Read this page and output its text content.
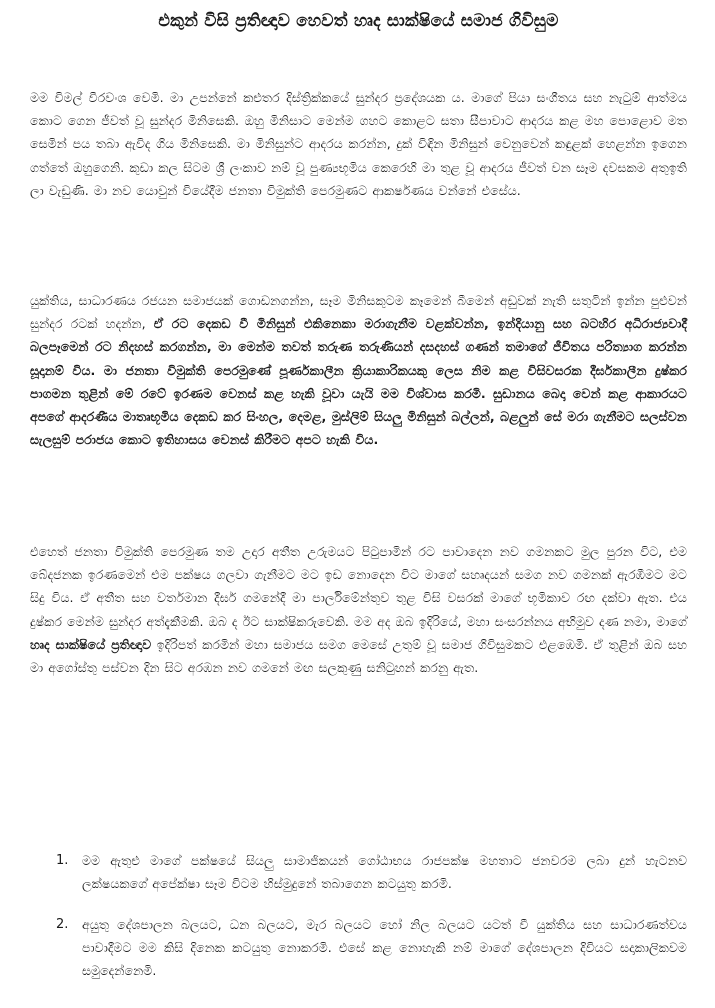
එකුන් විසි ප්‍රතිඥාව හෙවත් හෘද සාක්ෂියේ සමාජ ගිවිසුම

මම විමල් වීරවංශ වෙමි. මා උපන්නේ කළුතර දිස්ත්‍රික්කයේ සුන්දර ප්‍රදේශයක ය. මාගේ පියා සංගීතය සහ නැටුම් ආත්මය කොට ගෙන ජීවත් වූ සුන්දර මිනිසෙකි. ඔහු මිනිසාට මෙන්ම ගහට කොළට සතා සීපාවාට ආදරය කළ මහ පොළොව මත සෙමින් පය තබා ඇවිද ගිය මිනිසෙකි. මා මිනිසුන්ට ආදරය කරන්න, දුක් විඳින මිනිසුන් වෙනුවෙන් කඳුළක් හෙළන්න ඉගෙන ගත්තේ ඔහුගෙනි. කුඩා කල සිටම ශ්‍රී ලංකාව නම් වූ පුණ්‍යභූමිය කෙරෙහි මා තුළ වූ ආදරය ජීවත් වන සෑම දවසකම අතුඉති ලා වැඩුණි. මා නව යොවුන් වියේදීම ජනතා විමුක්ති පෙරමුණට ආකර්ෂණය වන්නේ එසේය.

යුක්තිය, සාධාරණය රජයන සමාජයක් ගොඩනගන්න, සෑම මිනිසකුටම කෑමෙන් බීමෙන් අඩුවක් නැති සතුටින් ඉන්න පුළුවන් සුන්දර රටක් හදන්න, ඒ රට දෙකඩ වී මිනිසුන් එකිනෙකා මරාගැනීම වළක්වන්න, ඉන්දියානු සහ බටහිර අධිරාජ්‍යවාදී බලපෑමෙන් රට නිදහස් කරගන්න, මා මෙන්ම තවත් තරුණ තරුණියන් දසදහස් ගණන් තමාගේ ජීවිතය පරිත්‍යාග කරන්න සූදානම් විය. මා ජනතා විමුක්ති පෙරමුණේ පූර්ණකාලීන ක්‍රියාකාරිකයකු ලෙස නිම කළ විසිවසරක දීර්ඝකාලීන දුෂ්කර පාගමන තුළින් මේ රටේ ඉරණම වෙනස් කළ හැකි වූවා යැයි මම විශ්වාස කරමි. සුඩානය බෙදා වෙන් කළ ආකාරයට අපගේ ආදරණීය මාතෘභූමිය දෙකඩ කර සිංහල, දෙමළ, මුස්ලිම් සියලු මිනිසුන් බල්ලන්, බළලුන් සේ මරා ගැනීමට සලස්වන සැලසුම් පරාජය කොට ඉතිහාසය වෙනස් කිරීමට අපට හැකි විය.

එහෙත් ජනතා විමුක්ති පෙරමුණ තම උදාර අතීත උරුමයට පිටුපාමින් රට පාවාදෙන නව ගමනකට මුල පුරන විට, එම බේදජනක ඉරණමෙන් එම පක්ෂය ගලවා ගැනීමට මට ඉඩ නොදෙන විට මාගේ සහෘදයන් සමග නව ගමනක් ඇරඹීමට මට සිදු විය. ඒ අතීත සහ වර්තමාන දීර්ඝ ගමනේදී මා පාර්ලිමේන්තුව තුළ විසි වසරක් මාගේ භූමිකාව රඟ දක්වා ඇත. එය දුෂ්කර මෙන්ම සුන්දර අත්දැකීමකි. ඔබ ද ඊට සාක්ෂිකරුවෙකි. මම අද ඔබ ඉදිරියේ, මහා සංසරන්නය අභිමුව දණ නමා, මාගේ හෘද සාක්ෂියේ ප්‍රතිඥාව ඉදිරිපත් කරමින් මහා සමාජය සමග මෙසේ උතුම් වූ සමාජ ගිවිසුමකට එළඹෙමි. ඒ තුළින් ඔබ සහ මා අගෝස්තු පස්වන දින සිට අරඹන නව ගමනේ මඟ සලකුණු සනිටුහන් කරනු ඇත.

1. මම ඇතුළු මාගේ පක්ෂයේ සියලු සාමාජිකයන් ගෝඨාභය රාජපක්ෂ මහතාට ජනවරම ලබා දුන් හැටනව ලක්ෂයකගේ අපේක්ෂා සෑම විටම හිස්මුදුනේ තබාගෙන කටයුතු කරමි.
2. අයුතු දේශපාලන බලයට, ධන බලයට, මැර බලයට හෝ නිල බලයට යටත් වී යුක්තිය සහ සාධාරණත්වය පාවාදීමට මම කිසි දිනෙක කටයුතු නොකරමි. එසේ කළ නොහැකි නම් මාගේ දේශපාලන දිවියට සදාකාලිකවම සමුදෙන්නෙමි.
